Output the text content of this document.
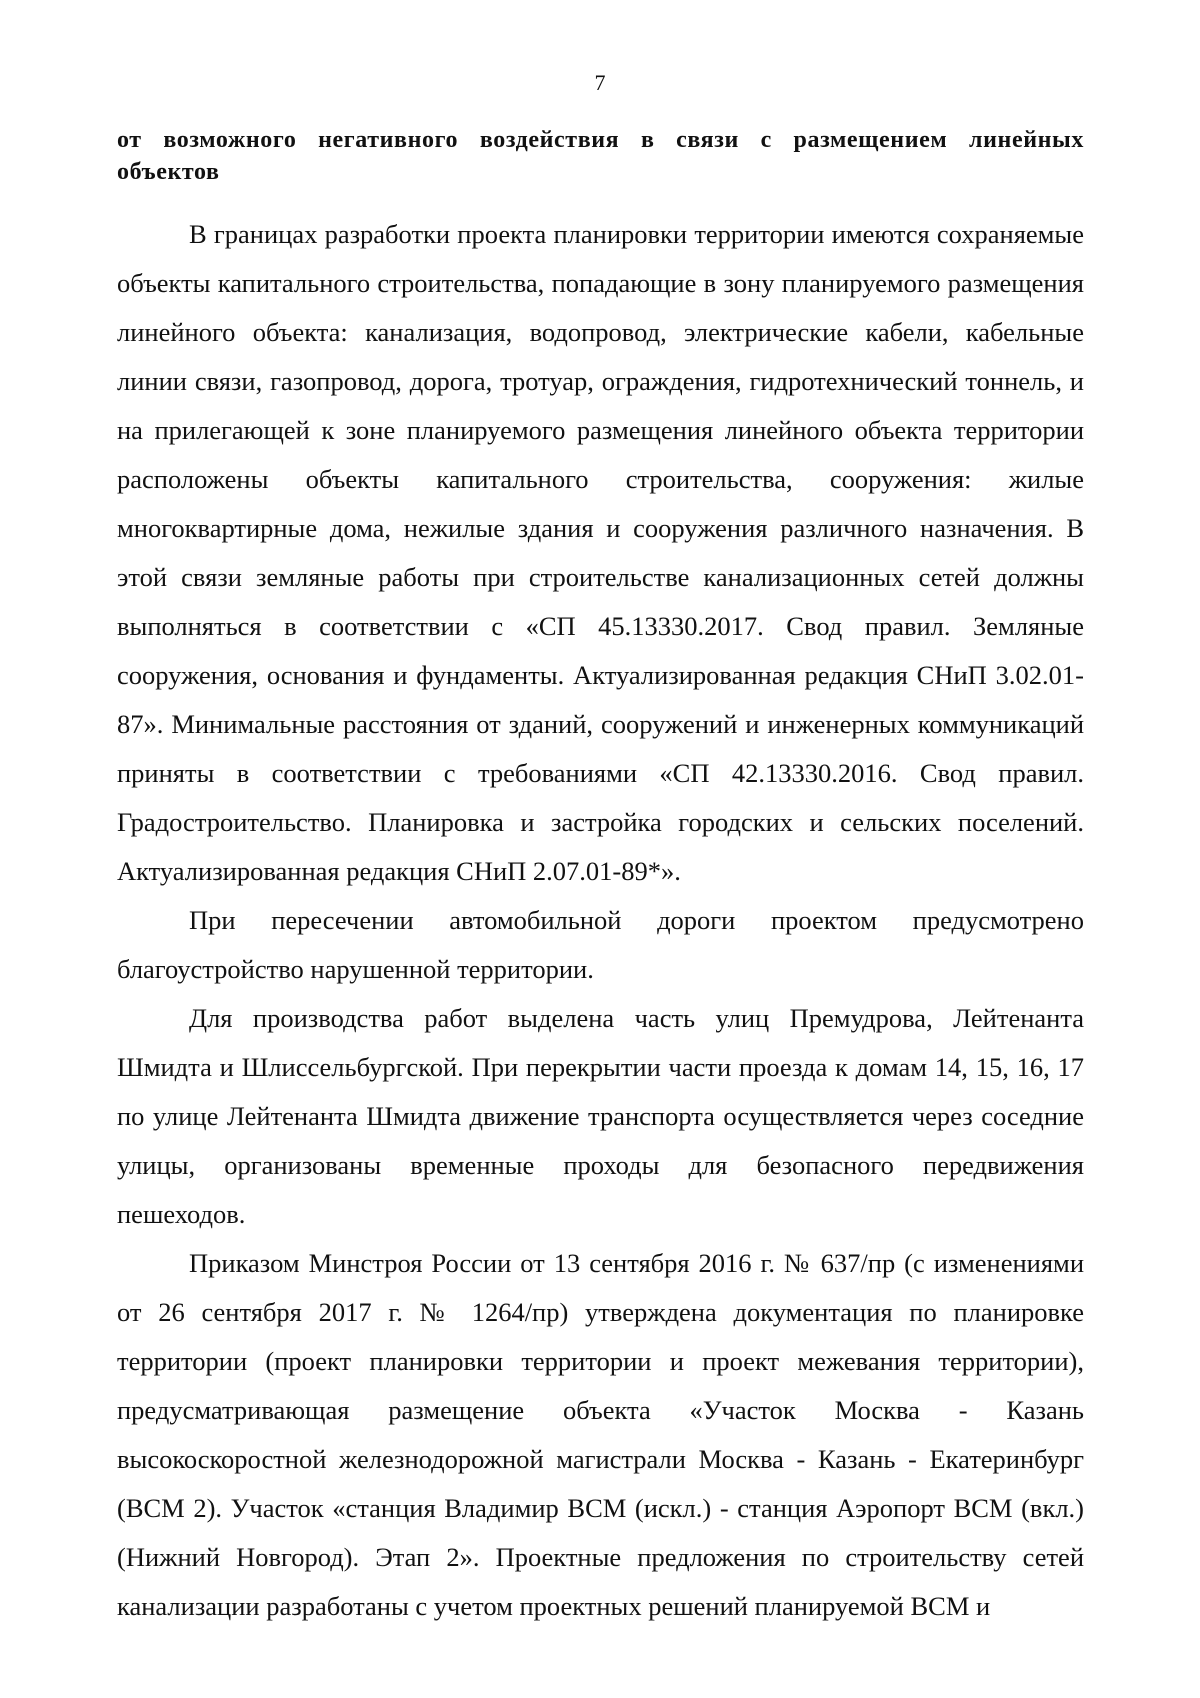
7

от возможного негативного воздействия в связи с размещением линейных объектов

В границах разработки проекта планировки территории имеются сохраняемые объекты капитального строительства, попадающие в зону планируемого размещения линейного объекта: канализация, водопровод, электрические кабели, кабельные линии связи, газопровод, дорога, тротуар, ограждения, гидротехнический тоннель, и на прилегающей к зоне планируемого размещения линейного объекта территории расположены объекты капитального строительства, сооружения: жилые многоквартирные дома, нежилые здания и сооружения различного назначения. В этой связи земляные работы при строительстве канализационных сетей должны выполняться в соответствии с «СП 45.13330.2017. Свод правил. Земляные сооружения, основания и фундаменты. Актуализированная редакция СНиП 3.02.01-87». Минимальные расстояния от зданий, сооружений и инженерных коммуникаций приняты в соответствии с требованиями «СП 42.13330.2016. Свод правил. Градостроительство. Планировка и застройка городских и сельских поселений. Актуализированная редакция СНиП 2.07.01-89*».

При пересечении автомобильной дороги проектом предусмотрено благоустройство нарушенной территории.

Для производства работ выделена часть улиц Премудрова, Лейтенанта Шмидта и Шлиссельбургской. При перекрытии части проезда к домам 14, 15, 16, 17 по улице Лейтенанта Шмидта движение транспорта осуществляется через соседние улицы, организованы временные проходы для безопасного передвижения пешеходов.

Приказом Минстроя России от 13 сентября 2016 г. № 637/пр (с изменениями от 26 сентября 2017 г. № 1264/пр) утверждена документация по планировке территории (проект планировки территории и проект межевания территории), предусматривающая размещение объекта «Участок Москва - Казань высокоскоростной железнодорожной магистрали Москва - Казань - Екатеринбург (ВСМ 2). Участок «станция Владимир ВСМ (искл.) - станция Аэропорт ВСМ (вкл.) (Нижний Новгород). Этап 2». Проектные предложения по строительству сетей канализации разработаны с учетом проектных решений планируемой ВСМ и
